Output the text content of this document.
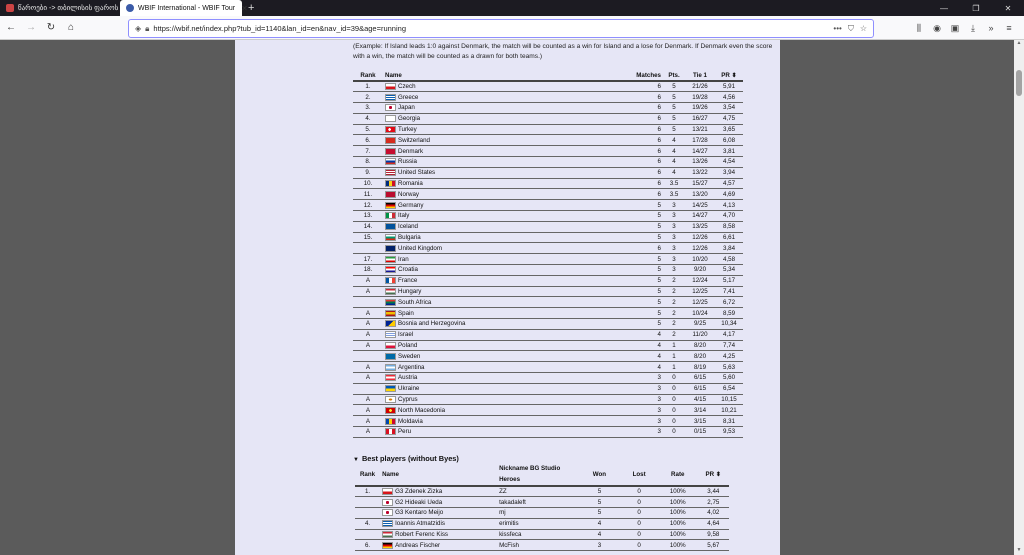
წაროები -> თბილისის ფაროს	WBIF International - WBIF Tour ✕ +	—	❐	✕
←	→	↻	⌂	◈ 🔒︎ https://wbif.net/index.php?tub_id=1140&lan_id=en&nav_id=39&age=running	••• ⛉ ☆	⫼	◉	▣	⤓	»	≡
(Example: If Island leads 1:0 against Denmark, the match will be counted as a win for Island and a lose for Denmark. If Denmark even the score with a win, the match will be counted as a drawn for both teams.)
Rank	Name	Matches	Pts.	Tie 1	PR ⬍
1.	Czech	6	5	21/26	5,91
2.	Greece	6	5	19/28	4,56
3.	Japan	6	5	19/26	3,54
4.	Georgia	6	5	16/27	4,75
5.	Turkey	6	5	13/21	3,65
6.	Switzerland	6	4	17/28	6,08
7.	Denmark	6	4	14/27	3,81
8.	Russia	6	4	13/26	4,54
9.	United States	6	4	13/22	3,94
10.	Romania	6	3.5	15/27	4,57
11.	Norway	6	3.5	13/20	4,69
12.	Germany	5	3	14/25	4,13
13.	Italy	5	3	14/27	4,70
14.	Iceland	5	3	13/25	8,58
15.	Bulgaria	5	3	12/26	6,61
	United Kingdom	6	3	12/26	3,84
17.	Iran	5	3	10/20	4,58
18.	Croatia	5	3	9/20	5,34
A	France	5	2	12/24	5,17
A	Hungary	5	2	12/25	7,41
	South Africa	5	2	12/25	6,72
A	Spain	5	2	10/24	8,59
A	Bosnia and Herzegovina	5	2	9/25	10,34
A	Israel	4	2	11/20	4,17
A	Poland	4	1	8/20	7,74
	Sweden	4	1	8/20	4,25
A	Argentina	4	1	8/19	5,63
A	Austria	3	0	6/15	5,60
	Ukraine	3	0	6/15	6,54
A	Cyprus	3	0	4/15	10,15
A	North Macedonia	3	0	3/14	10,21
A	Moldavia	3	0	3/15	8,31
A	Peru	3	0	0/15	9,53
▼ Best players (without Byes)
Rank	Name	Nickname BG Studio Heroes	Won	Lost	Rate	PR ⬍
1.	G3 Zdenek Zizka	ZZ	5	0	100%	3,44
	G2 Hideaki Ueda	takadaleft	5	0	100%	2,75
	G3 Kentaro Meijo	mj	5	0	100%	4,02
4.	Ioannis Atmatzidis	erimitis	4	0	100%	4,64
	Robert Ferenc Kiss	kissfeca	4	0	100%	9,58
6.	Andreas Fischer	McFish	3	0	100%	5,67
▲
▼
